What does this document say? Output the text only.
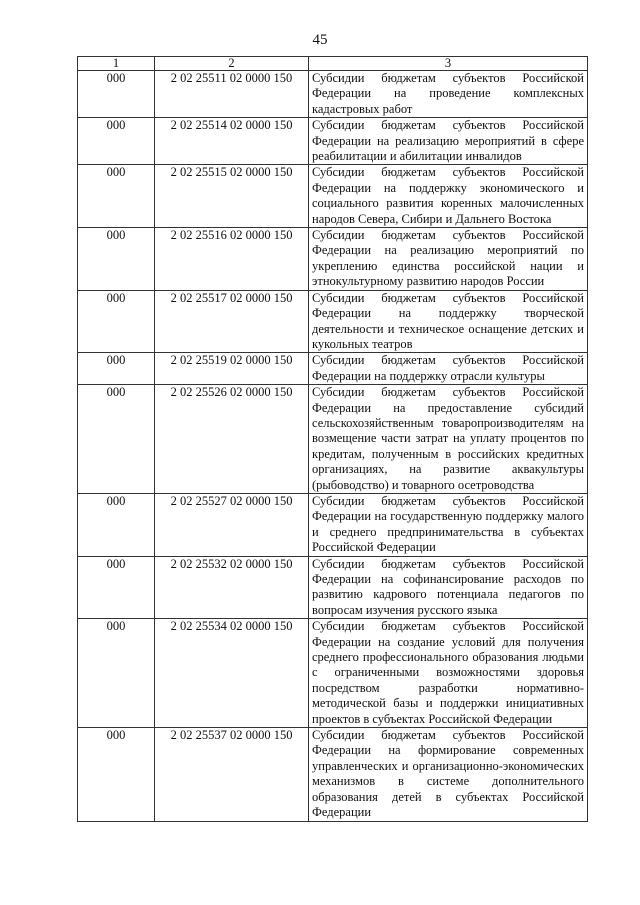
45
1	2	3
000	2 02 25511 02 0000 150	Субсидии бюджетам субъектов Российской Федерации на проведение комплексных кадастровых работ
000	2 02 25514 02 0000 150	Субсидии бюджетам субъектов Российской Федерации на реализацию мероприятий в сфере реабилитации и абилитации инвалидов
000	2 02 25515 02 0000 150	Субсидии бюджетам субъектов Российской Федерации на поддержку экономического и социального развития коренных малочисленных народов Севера, Сибири и Дальнего Востока
000	2 02 25516 02 0000 150	Субсидии бюджетам субъектов Российской Федерации на реализацию мероприятий по укреплению единства российской нации и этнокультурному развитию народов России
000	2 02 25517 02 0000 150	Субсидии бюджетам субъектов Российской Федерации на поддержку творческой деятельности и техническое оснащение детских и кукольных театров
000	2 02 25519 02 0000 150	Субсидии бюджетам субъектов Российской Федерации на поддержку отрасли культуры
000	2 02 25526 02 0000 150	Субсидии бюджетам субъектов Российской Федерации на предоставление субсидий сельскохозяйственным товаропроизводителям на возмещение части затрат на уплату процентов по кредитам, полученным в российских кредитных организациях, на развитие аквакультуры (рыбоводство) и товарного осетроводства
000	2 02 25527 02 0000 150	Субсидии бюджетам субъектов Российской Федерации на государственную поддержку малого и среднего предпринимательства в субъектах Российской Федерации
000	2 02 25532 02 0000 150	Субсидии бюджетам субъектов Российской Федерации на софинансирование расходов по развитию кадрового потенциала педагогов по вопросам изучения русского языка
000	2 02 25534 02 0000 150	Субсидии бюджетам субъектов Российской Федерации на создание условий для получения среднего профессионального образования людьми с ограниченными возможностями здоровья посредством разработки нормативно-методической базы и поддержки инициативных проектов в субъектах Российской Федерации
000	2 02 25537 02 0000 150	Субсидии бюджетам субъектов Российской Федерации на формирование современных управленческих и организационно-экономических механизмов в системе дополнительного образования детей в субъектах Российской Федерации
